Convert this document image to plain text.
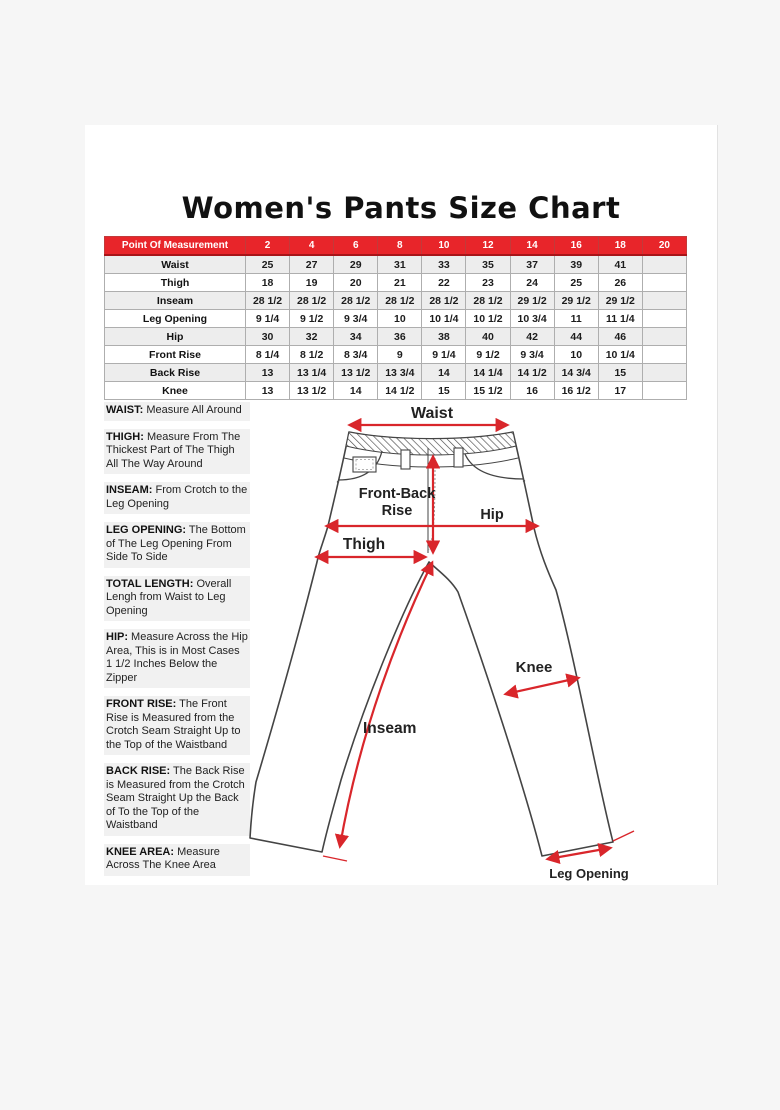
Women's Pants Size Chart
Point Of Measurement	2	4	6	8	10	12	14	16	18	20
Waist	25	27	29	31	33	35	37	39	41	
Thigh	18	19	20	21	22	23	24	25	26	
Inseam	28 1/2	28 1/2	28 1/2	28 1/2	28 1/2	28 1/2	29 1/2	29 1/2	29 1/2	
Leg Opening	9 1/4	9 1/2	9 3/4	10	10 1/4	10 1/2	10 3/4	11	11 1/4	
Hip	30	32	34	36	38	40	42	44	46	
Front Rise	8 1/4	8 1/2	8 3/4	9	9 1/4	9 1/2	9 3/4	10	10 1/4	
Back Rise	13	13 1/4	13 1/2	13 3/4	14	14 1/4	14 1/2	14 3/4	15	
Knee	13	13 1/2	14	14 1/2	15	15 1/2	16	16 1/2	17	
WAIST: Measure All Around
THIGH: Measure From The Thickest Part of The Thigh All The Way Around
INSEAM: From Crotch to the Leg Opening
LEG OPENING: The Bottom of The Leg Opening From Side To Side
TOTAL LENGTH: Overall Lengh from Waist to Leg Opening
HIP: Measure Across the Hip Area, This is in Most Cases 1 1/2 Inches Below the Zipper
FRONT RISE: The Front Rise is Measured from the Crotch Seam Straight Up to the Top of the Waistband
BACK RISE: The Back Rise is Measured from the Crotch Seam Straight Up the Back of To the Top of the Waistband
KNEE AREA: Measure Across The Knee Area
Waist
Front-Back
Rise	Hip
Thigh
Knee
Inseam
Leg Opening
